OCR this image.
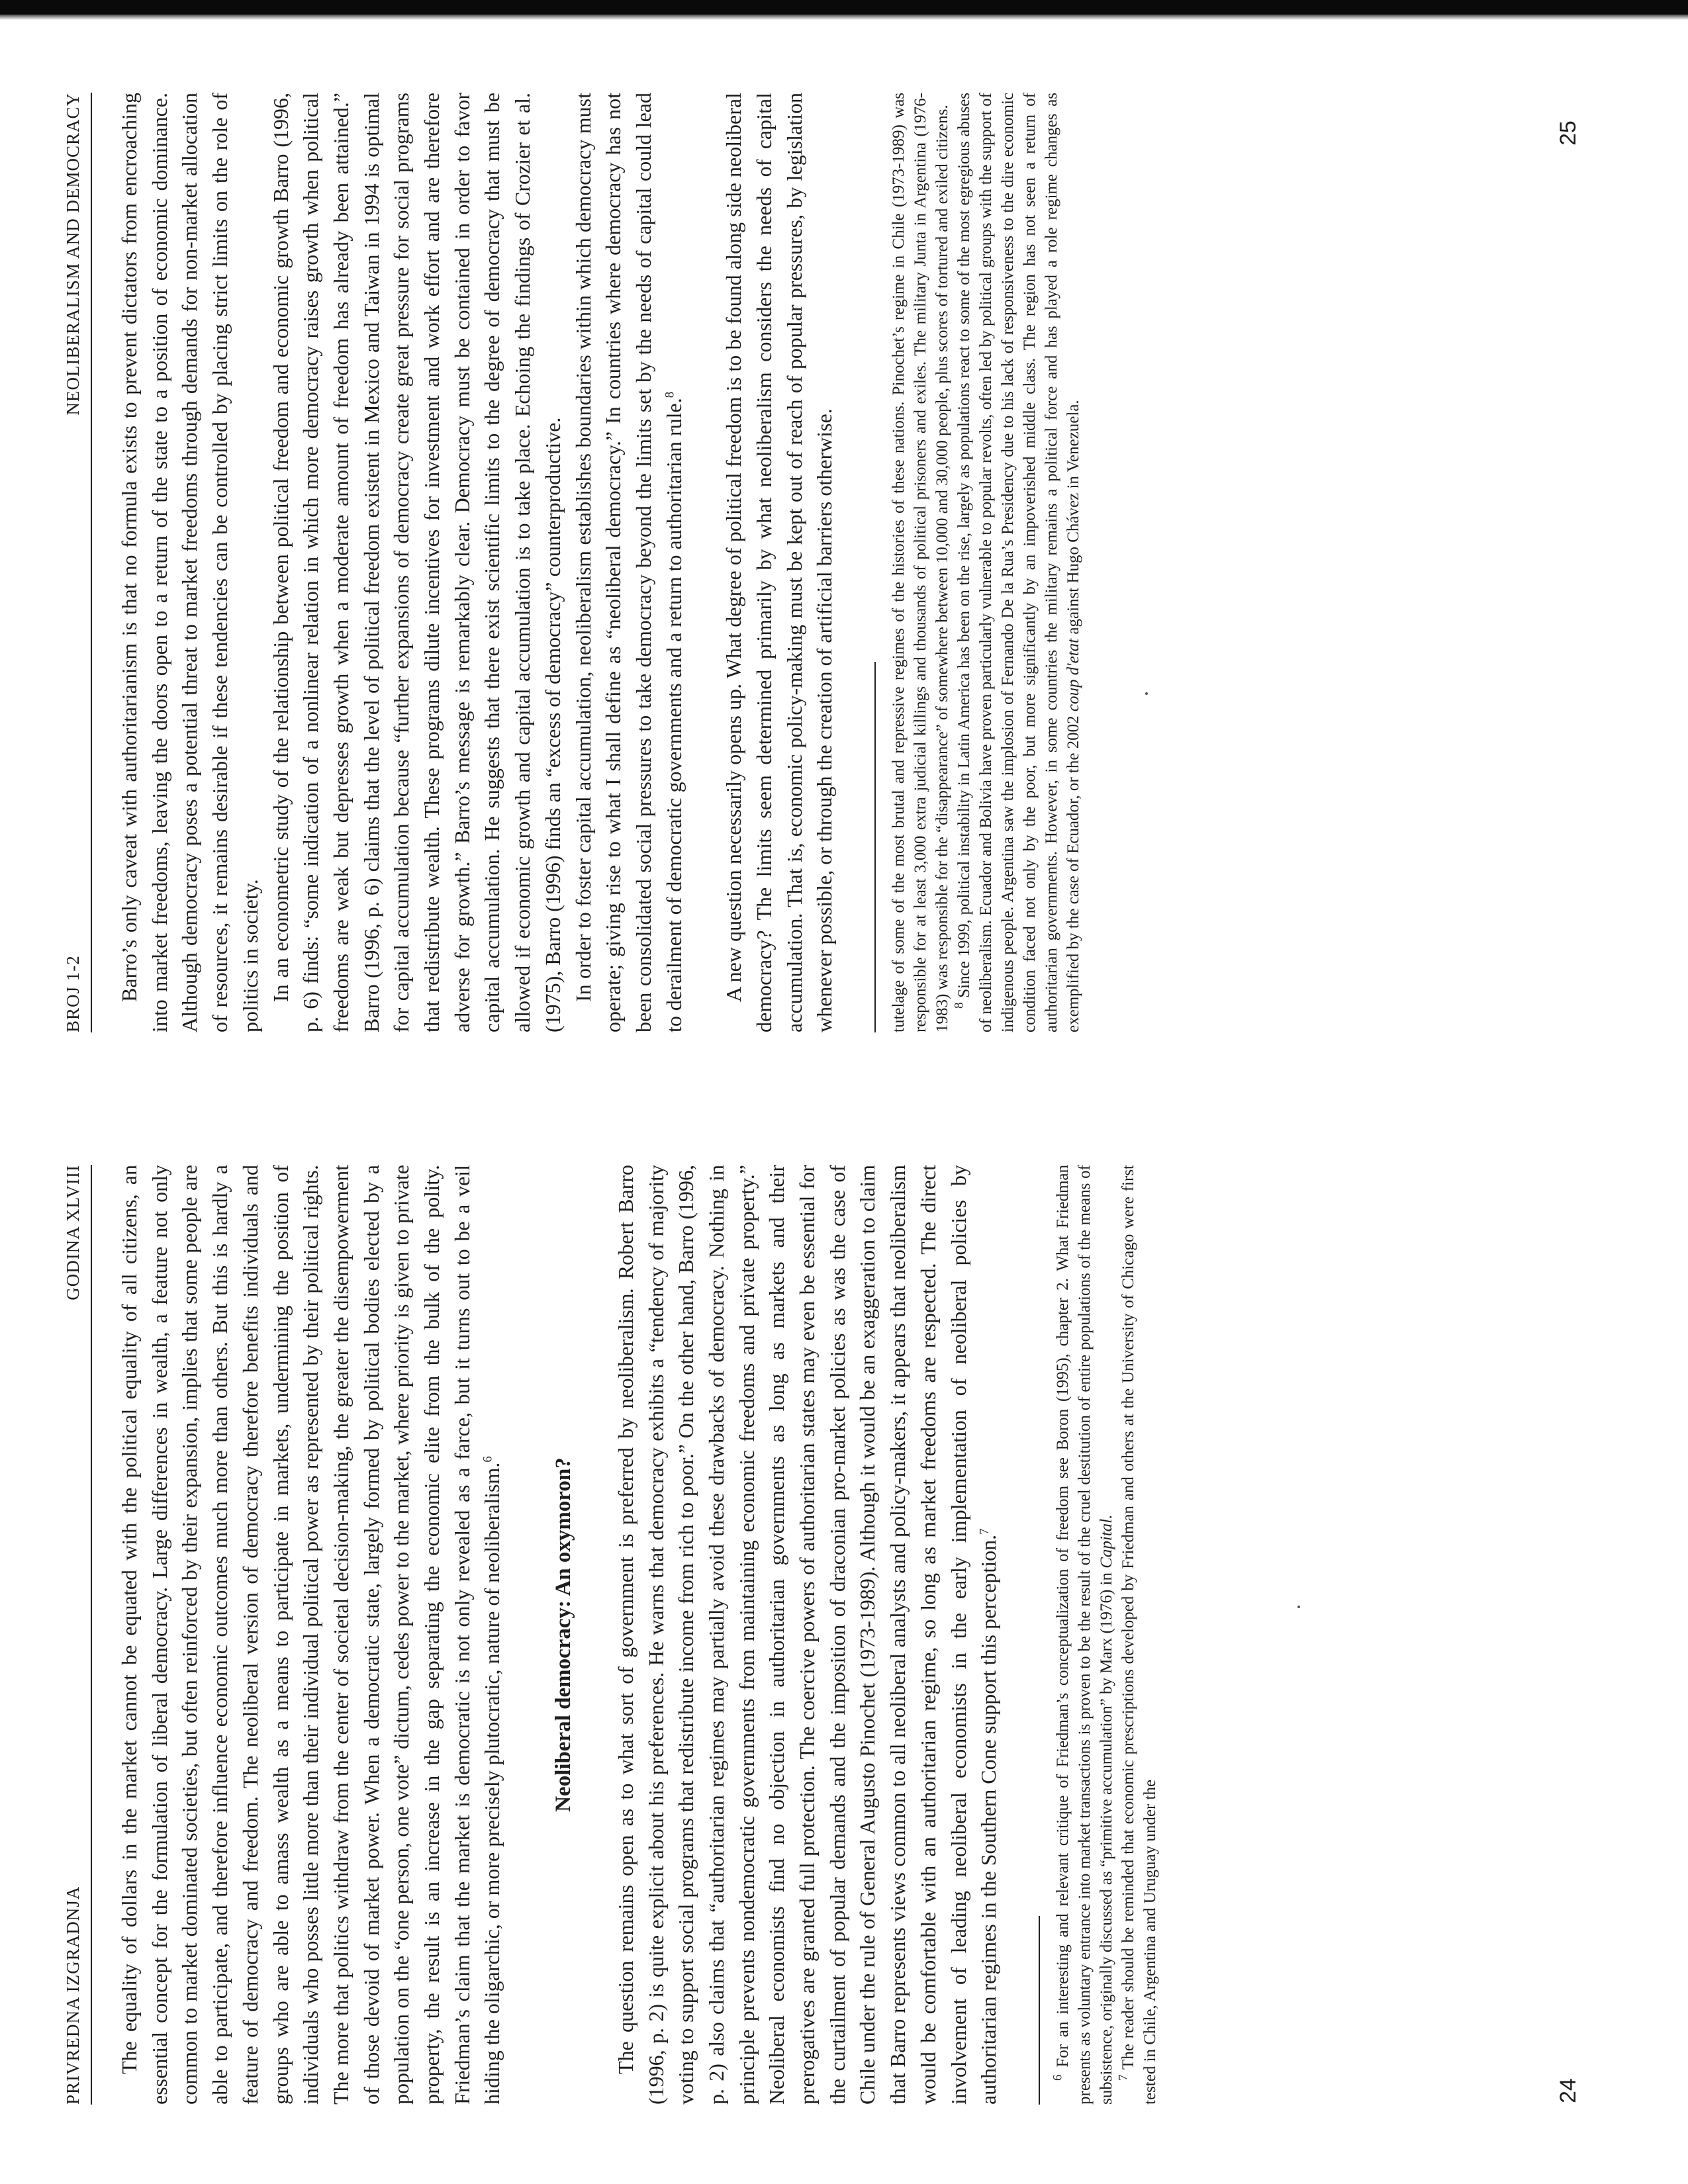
PRIVREDNA IZGRADNJA
GODINA XLVIII The equality of dollars in the market cannot be equated with the political equality of all citizens, an essential concept for the formulation of liberal democracy. Large differences in wealth, a feature not only common to market dominated societies, but often reinforced by their expansion, implies that some people are able to participate, and therefore influence economic outcomes much more than others. But this is hardly a feature of democracy and freedom. The neoliberal version of democracy therefore benefits individuals and groups who are able to amass wealth as a means to participate in markets, undermining the position of individuals who posses little more than their individual political power as represented by their political rights. The more that politics withdraw from the center of societal decision-making, the greater the disempowerment of those devoid of market power. When a democratic state, largely formed by political bodies elected by a population on the “one person, one vote” dictum, cedes power to the market, where priority is given to private property, the result is an increase in the gap separating the economic elite from the bulk of the polity. Friedman’s claim that the market is democratic is not only revealed as a farce, but it turns out to be a veil hiding the oligarchic, or more precisely plutocratic, nature of neoliberalism.$^6$	Neoliberal democracy: An oxymoron? The question remains open as to what sort of government is preferred by neoliberalism. Robert Barro (1996, p. 2) is quite explicit about his preferences. He warns that democracy exhibits a “tendency of majority voting to support social programs that redistribute income from rich to poor.” On the other hand, Barro (1996, p. 2) also claims that “authoritarian regimes may partially avoid these drawbacks of democracy. Nothing in principle prevents nondemocratic governments from maintaining economic freedoms and private property.” Neoliberal economists find no objection in authoritarian governments as long as markets and their prerogatives are granted full protection. The coercive powers of authoritarian states may even be essential for the curtailment of popular demands and the imposition of draconian pro-market policies as was the case of Chile under the rule of General Augusto Pinochet (1973-1989). Although it would be an exaggeration to claim that Barro represents views common to all neoliberal analysts and policy-makers, it appears that neoliberalism would be comfortable with an authoritarian regime, so long as market freedoms are respected. The direct involvement of leading neoliberal economists in the early implementation of neoliberal policies by authoritarian regimes in the Southern Cone support this perception.$^7$

$^6$ For an interesting and relevant critique of Friedman’s conceptualization of freedom see Boron (1995), chapter 2. What Friedman presents as voluntary entrance into market transactions is proven to be the result of the cruel destitution of entire populations of the means of subsistence, originally discussed as “primitive accumulation” by Marx (1976) in Capital.

$^7$ The reader should be reminded that economic prescriptions developed by Friedman and others at the University of Chicago were first tested in Chile, Argentina and Uruguay under the	24
BROJ 1-2
NEOLIBERALISM AND DEMOCRACY Barro’s only caveat with authoritarianism is that no formula exists to prevent dictators from encroaching into market freedoms, leaving the doors open to a return of the state to a position of economic dominance. Although democracy poses a potential threat to market freedoms through demands for non-market allocation of resources, it remains desirable if these tendencies can be controlled by placing strict limits on the role of politics in society. In an econometric study of the relationship between political freedom and economic growth Barro (1996, p. 6) finds: “some indication of a nonlinear relation in which more democracy raises growth when political freedoms are weak but depresses growth when a moderate amount of freedom has already been attained.” Barro (1996, p. 6) claims that the level of political freedom existent in Mexico and Taiwan in 1994 is optimal for capital accumulation because “further expansions of democracy create great pressure for social programs that redistribute wealth. These programs dilute incentives for investment and work effort and are therefore adverse for growth.” Barro’s message is remarkably clear. Democracy must be contained in order to favor capital accumulation. He suggests that there exist scientific limits to the degree of democracy that must be allowed if economic growth and capital accumulation is to take place. Echoing the findings of Crozier et al. (1975), Barro (1996) finds an “excess of democracy” counterproductive. In order to foster capital accumulation, neoliberalism establishes boundaries within which democracy must operate; giving rise to what I shall define as “neoliberal democracy.” In countries where democracy has not been consolidated social pressures to take democracy beyond the limits set by the needs of capital could lead to derailment of democratic governments and a return to authoritarian rule.$^8$	A new question necessarily opens up. What degree of political freedom is to be found along side neoliberal democracy? The limits seem determined primarily by what neoliberalism considers the needs of capital accumulation. That is, economic policy-making must be kept out of reach of popular pressures, by legislation whenever possible, or through the creation of artificial barriers otherwise.	tutelage of some of the most brutal and repressive regimes of the histories of these nations. Pinochet’s regime in Chile (1973-1989) was responsible for at least 3,000 extra judicial killings and thousands of political prisoners and exiles. The military Junta in Argentina (1976-1983) was responsible for the “disappearance” of somewhere between 10,000 and 30,000 people, plus scores of tortured and exiled citizens. $^8$ Since 1999, political instability in Latin America has been on the rise, largely as populations react to some of the most egregious abuses of neoliberalism. Ecuador and Bolivia have proven particularly vulnerable to popular revolts, often led by political groups with the support of indigenous people. Argentina saw the implosion of Fernando De la Rua’s Presidency due to his lack of responsiveness to the dire economic condition faced not only by the poor, but more significantly by an impoverished middle class. The region has not seen a return of authoritarian governments. However, in some countries the military remains a political force and has played a role regime changes as exemplified by the case of Ecuador, or the 2002 coup d'etat against Hugo Chávez in Venezuela.

25
